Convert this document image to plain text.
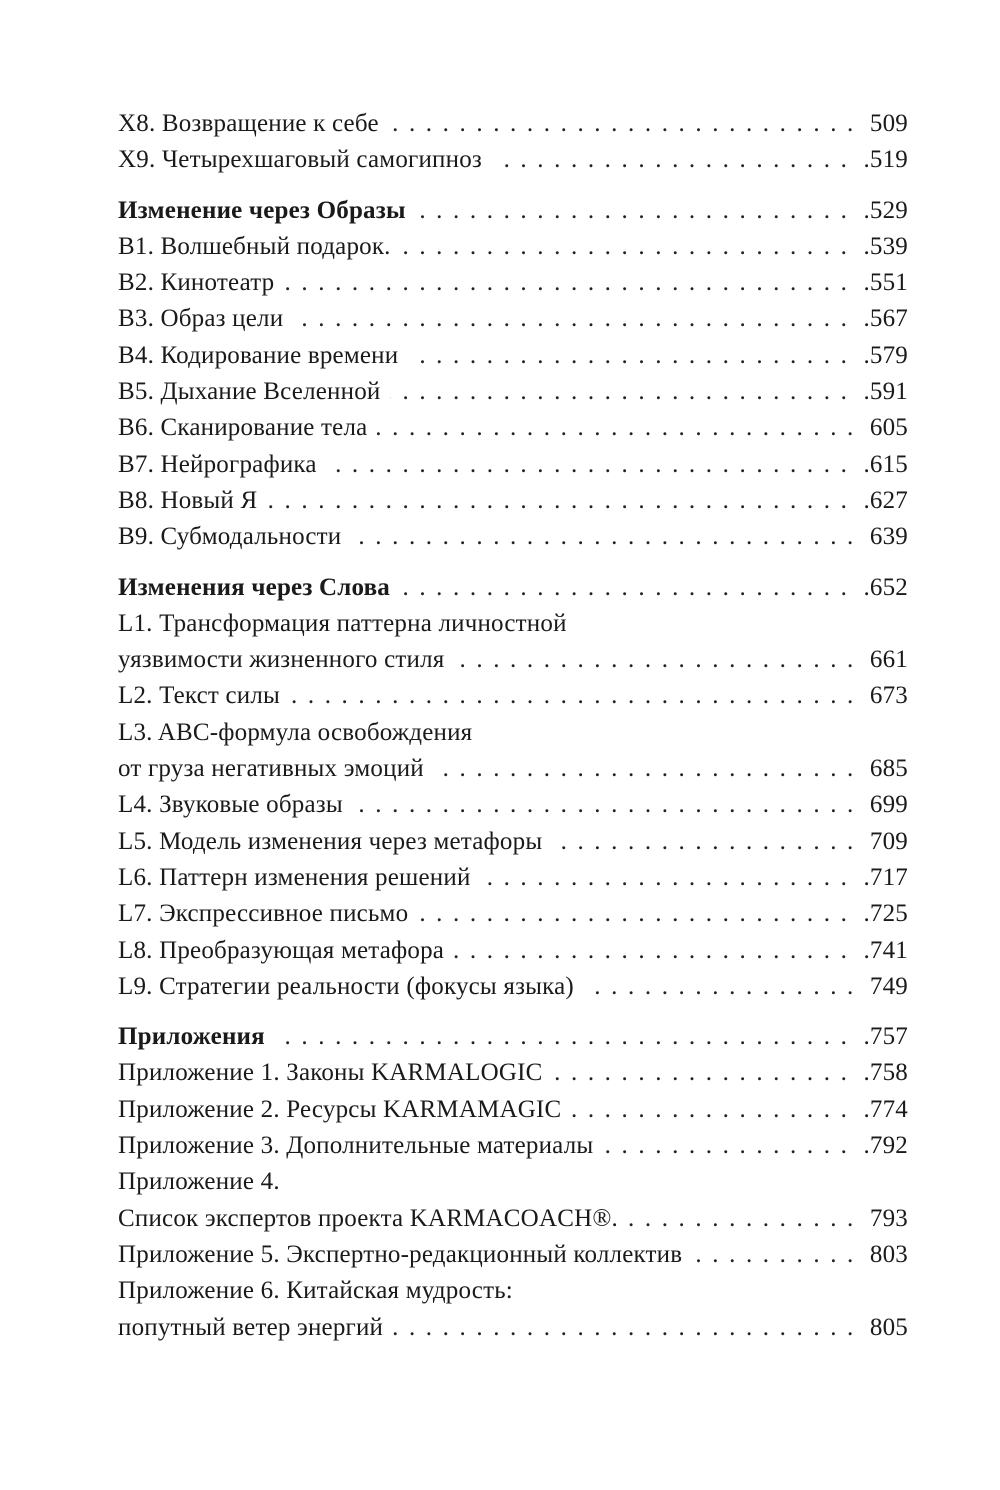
X8. Возвращение к себе .....	509
X9. Четырехшаговый самогипноз .....	.519
Изменение через Образы .....	.529
B1. Волшебный подарок. .....	.539
B2. Кинотеатр .....	.551
B3. Образ цели .....	.567
B4. Кодирование времени .....	.579
B5. Дыхание Вселенной .....	.591
B6. Сканирование тела .....	605
B7. Нейрографика .....	.615
B8. Новый Я .....	.627
B9. Субмодальности .....	639
Изменения через Слова .....	.652
L1. Трансформация паттерна личностной
уязвимости жизненного стиля .....	661
L2. Текст силы .....	673
L3. ABC-формула освобождения
от груза негативных эмоций .....	685
L4. Звуковые образы .....	699
L5. Модель изменения через метафоры .....	709
L6. Паттерн изменения решений .....	.717
L7. Экспрессивное письмо .....	.725
L8. Преобразующая метафора .....	.741
L9. Стратегии реальности (фокусы языка) .....	749
Приложения .....	.757
Приложение 1. Законы KARMALOGIC .....	.758
Приложение 2. Ресурсы KARMAMAGIC .....	.774
Приложение 3. Дополнительные материалы .....	.792
Приложение 4.
Список экспертов проекта KARMACOACH®. .....	793
Приложение 5. Экспертно-редакционный коллектив .....	803
Приложение 6. Китайская мудрость:
попутный ветер энергий .....	805
